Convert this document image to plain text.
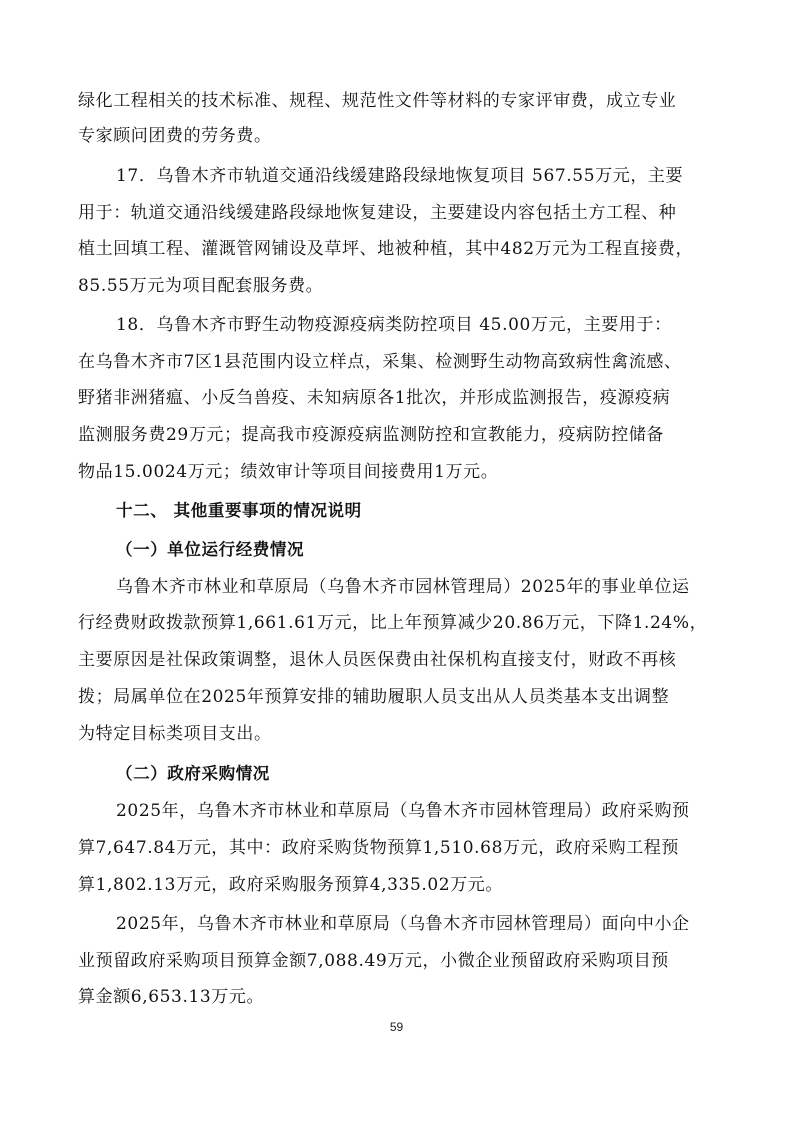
绿化工程相关的技术标准、规程、规范性文件等材料的专家评审费，成立专业
专家顾问团费的劳务费。
17．乌鲁木齐市轨道交通沿线缓建路段绿地恢复项目 567.55万元，主要
用于：轨道交通沿线缓建路段绿地恢复建设，主要建设内容包括土方工程、种
植土回填工程、灌溉管网铺设及草坪、地被种植，其中482万元为工程直接费，
85.55万元为项目配套服务费。
18．乌鲁木齐市野生动物疫源疫病类防控项目 45.00万元，主要用于：
在乌鲁木齐市7区1县范围内设立样点，采集、检测野生动物高致病性禽流感、
野猪非洲猪瘟、小反刍兽疫、未知病原各1批次，并形成监测报告，疫源疫病
监测服务费29万元；提高我市疫源疫病监测防控和宣教能力，疫病防控储备
物品15.0024万元；绩效审计等项目间接费用1万元。
十二、 其他重要事项的情况说明
（一）单位运行经费情况
乌鲁木齐市林业和草原局（乌鲁木齐市园林管理局）2025年的事业单位运
行经费财政拨款预算1,661.61万元，比上年预算减少20.86万元，下降1.24%，
主要原因是社保政策调整，退休人员医保费由社保机构直接支付，财政不再核
拨；局属单位在2025年预算安排的辅助履职人员支出从人员类基本支出调整
为特定目标类项目支出。
（二）政府采购情况
2025年，乌鲁木齐市林业和草原局（乌鲁木齐市园林管理局）政府采购预
算7,647.84万元，其中：政府采购货物预算1,510.68万元，政府采购工程预
算1,802.13万元，政府采购服务预算4,335.02万元。
2025年，乌鲁木齐市林业和草原局（乌鲁木齐市园林管理局）面向中小企
业预留政府采购项目预算金额7,088.49万元，小微企业预留政府采购项目预
算金额6,653.13万元。
59
